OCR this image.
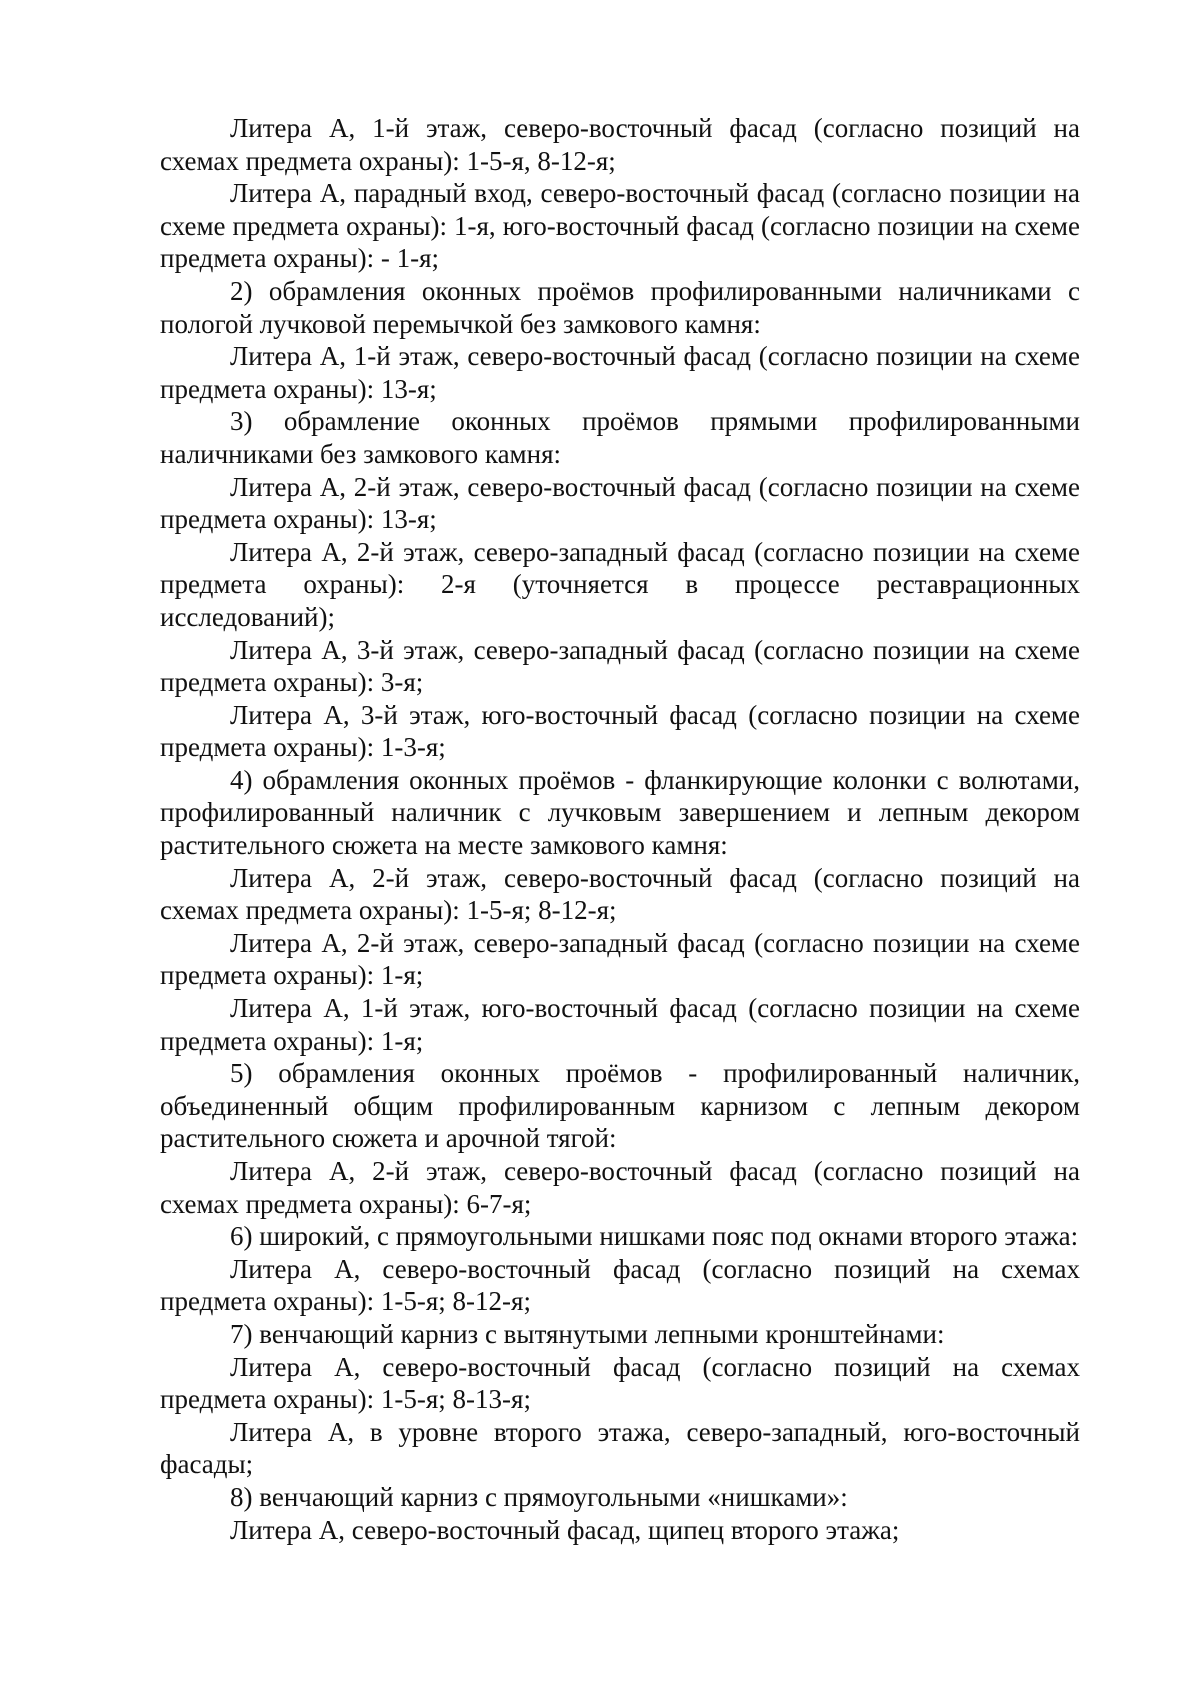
Литера А, 1-й этаж, северо-восточный фасад (согласно позиций на схемах предмета охраны): 1-5-я, 8-12-я;

Литера А, парадный вход, северо-восточный фасад (согласно позиции на схеме предмета охраны): 1-я, юго-восточный фасад (согласно позиции на схеме предмета охраны): - 1-я;

2) обрамления оконных проёмов профилированными наличниками с пологой лучковой перемычкой без замкового камня:

Литера А, 1-й этаж, северо-восточный фасад (согласно позиции на схеме предмета охраны): 13-я;

3) обрамление оконных проёмов прямыми профилированными наличниками без замкового камня:

Литера А, 2-й этаж, северо-восточный фасад (согласно позиции на схеме предмета охраны): 13-я;

Литера А, 2-й этаж, северо-западный фасад (согласно позиции на схеме предмета охраны): 2-я (уточняется в процессе реставрационных исследований);

Литера А, 3-й этаж, северо-западный фасад (согласно позиции на схеме предмета охраны): 3-я;

Литера А, 3-й этаж, юго-восточный фасад (согласно позиции на схеме предмета охраны): 1-3-я;

4) обрамления оконных проёмов - фланкирующие колонки с волютами, профилированный наличник с лучковым завершением и лепным декором растительного сюжета на месте замкового камня:

Литера А, 2-й этаж, северо-восточный фасад (согласно позиций на схемах предмета охраны): 1-5-я; 8-12-я;

Литера А, 2-й этаж, северо-западный фасад (согласно позиции на схеме предмета охраны): 1-я;

Литера А, 1-й этаж, юго-восточный фасад (согласно позиции на схеме предмета охраны): 1-я;

5) обрамления оконных проёмов - профилированный наличник, объединенный общим профилированным карнизом с лепным декором растительного сюжета и арочной тягой:

Литера А, 2-й этаж, северо-восточный фасад (согласно позиций на схемах предмета охраны): 6-7-я;

6) широкий, с прямоугольными нишками пояс под окнами второго этажа:

Литера А, северо-восточный фасад (согласно позиций на схемах предмета охраны): 1-5-я; 8-12-я;

7) венчающий карниз с вытянутыми лепными кронштейнами:

Литера А, северо-восточный фасад (согласно позиций на схемах предмета охраны): 1-5-я; 8-13-я;

Литера А, в уровне второго этажа, северо-западный, юго-восточный фасады;

8) венчающий карниз с прямоугольными «нишками»:

Литера А, северо-восточный фасад, щипец второго этажа;
